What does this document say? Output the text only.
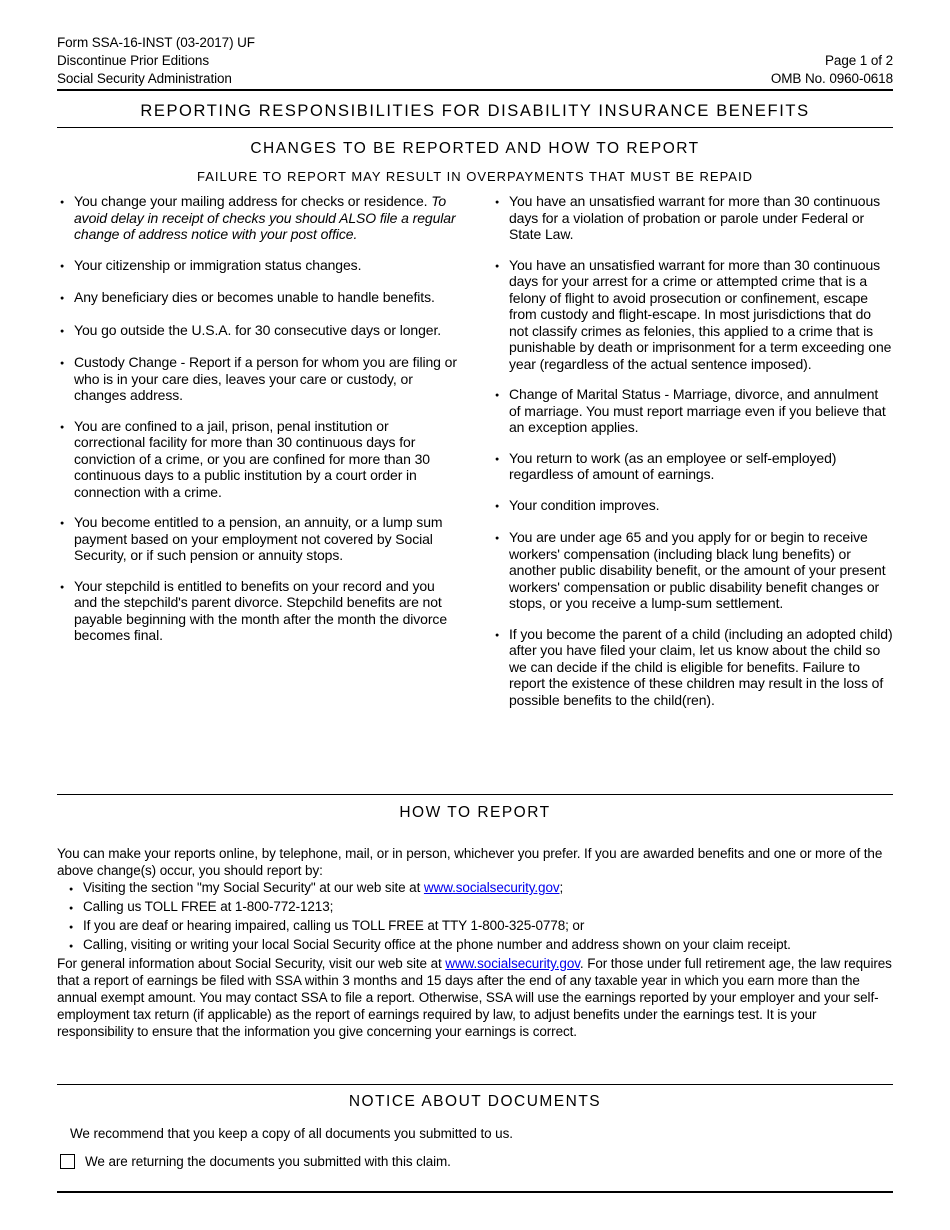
Form SSA-16-INST (03-2017) UF
Discontinue Prior Editions	Page 1 of 2
Social Security Administration	OMB No. 0960-0618
REPORTING RESPONSIBILITIES FOR DISABILITY INSURANCE BENEFITS
CHANGES TO BE REPORTED AND HOW TO REPORT
FAILURE TO REPORT MAY RESULT IN OVERPAYMENTS THAT MUST BE REPAID
● You change your mailing address for checks or residence. To avoid delay in receipt of checks you should ALSO file a regular change of address notice with your post office.
● Your citizenship or immigration status changes.
● Any beneficiary dies or becomes unable to handle benefits.
● You go outside the U.S.A. for 30 consecutive days or longer.
● Custody Change - Report if a person for whom you are filing or who is in your care dies, leaves your care or custody, or changes address.
● You are confined to a jail, prison, penal institution or correctional facility for more than 30 continuous days for conviction of a crime, or you are confined for more than 30 continuous days to a public institution by a court order in connection with a crime.
● You become entitled to a pension, an annuity, or a lump sum payment based on your employment not covered by Social Security, or if such pension or annuity stops.
● Your stepchild is entitled to benefits on your record and you and the stepchild's parent divorce. Stepchild benefits are not payable beginning with the month after the month the divorce becomes final.
● You have an unsatisfied warrant for more than 30 continuous days for a violation of probation or parole under Federal or State Law.
● You have an unsatisfied warrant for more than 30 continuous days for your arrest for a crime or attempted crime that is a felony of flight to avoid prosecution or confinement, escape from custody and flight-escape. In most jurisdictions that do not classify crimes as felonies, this applied to a crime that is punishable by death or imprisonment for a term exceeding one year (regardless of the actual sentence imposed).
● Change of Marital Status - Marriage, divorce, and annulment of marriage. You must report marriage even if you believe that an exception applies.
● You return to work (as an employee or self-employed) regardless of amount of earnings.
● Your condition improves.
● You are under age 65 and you apply for or begin to receive workers' compensation (including black lung benefits) or another public disability benefit, or the amount of your present workers' compensation or public disability benefit changes or stops, or you receive a lump-sum settlement.
● If you become the parent of a child (including an adopted child) after you have filed your claim, let us know about the child so we can decide if the child is eligible for benefits. Failure to report the existence of these children may result in the loss of possible benefits to the child(ren).
HOW TO REPORT

You can make your reports online, by telephone, mail, or in person, whichever you prefer. If you are awarded benefits and one or more of the above change(s) occur, you should report by:

● Visiting the section "my Social Security" at our web site at www.socialsecurity.gov;
● Calling us TOLL FREE at 1-800-772-1213;
● If you are deaf or hearing impaired, calling us TOLL FREE at TTY 1-800-325-0778; or
● Calling, visiting or writing your local Social Security office at the phone number and address shown on your claim receipt.

For general information about Social Security, visit our web site at www.socialsecurity.gov. For those under full retirement age, the law requires that a report of earnings be filed with SSA within 3 months and 15 days after the end of any taxable year in which you earn more than the annual exempt amount. You may contact SSA to file a report. Otherwise, SSA will use the earnings reported by your employer and your self-employment tax return (if applicable) as the report of earnings required by law, to adjust benefits under the earnings test. It is your responsibility to ensure that the information you give concerning your earnings is correct.

NOTICE ABOUT DOCUMENTS
We recommend that you keep a copy of all documents you submitted to us.
We are returning the documents you submitted with this claim.
